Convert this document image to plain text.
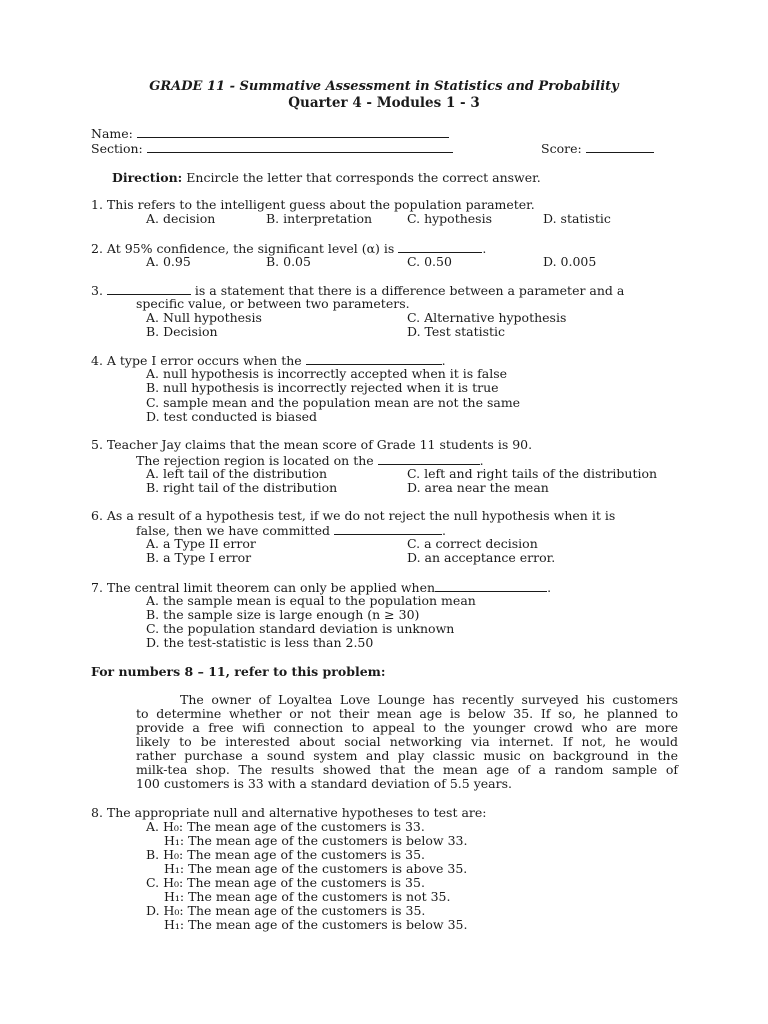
GRADE 11 - Summative Assessment in Statistics and Probability
Quarter 4 - Modules 1 - 3
Name:
Section:	Score:
Direction: Encircle the letter that corresponds the correct answer.
1. This refers to the intelligent guess about the population parameter.
A. decision	B. interpretation	C. hypothesis	D. statistic
2. At 95% confidence, the significant level (α) is	.
A. 0.95	B. 0.05	C. 0.50	D. 0.005
3.	is a statement that there is a difference between a parameter and a
specific value, or between two parameters.
A. Null hypothesis
B. Decision
C. Alternative hypothesis
D. Test statistic
4. A type I error occurs when the	.
A. null hypothesis is incorrectly accepted when it is false
B. null hypothesis is incorrectly rejected when it is true
C. sample mean and the population mean are not the same
D. test conducted is biased
5. Teacher Jay claims that the mean score of Grade 11 students is 90.
The rejection region is located on the	.
A. left tail of the distribution
B. right tail of the distribution
C. left and right tails of the distribution
D. area near the mean
6. As a result of a hypothesis test, if we do not reject the null hypothesis when it is
false, then we have committed	.
A. a Type II error
B. a Type I error
C. a correct decision
D. an acceptance error.
7. The central limit theorem can only be applied when	.
A. the sample mean is equal to the population mean
B. the sample size is large enough (n ≥ 30)
C. the population standard deviation is unknown
D. the test-statistic is less than 2.50
For numbers 8 – 11, refer to this problem:
The owner of Loyaltea Love Lounge has recently surveyed his customers
to determine whether or not their mean age is below 35. If so, he planned to
provide a free wifi connection to appeal to the younger crowd who are more
likely to be interested about social networking via internet. If not, he would
rather purchase a sound system and play classic music on background in the
milk-tea shop. The results showed that the mean age of a random sample of
100 customers is 33 with a standard deviation of 5.5 years.
8. The appropriate null and alternative hypotheses to test are:
A. H₀: The mean age of the customers is 33.
H₁: The mean age of the customers is below 33.
B. H₀: The mean age of the customers is 35.
H₁: The mean age of the customers is above 35.
C. H₀: The mean age of the customers is 35.
H₁: The mean age of the customers is not 35.
D. H₀: The mean age of the customers is 35.
H₁: The mean age of the customers is below 35.
